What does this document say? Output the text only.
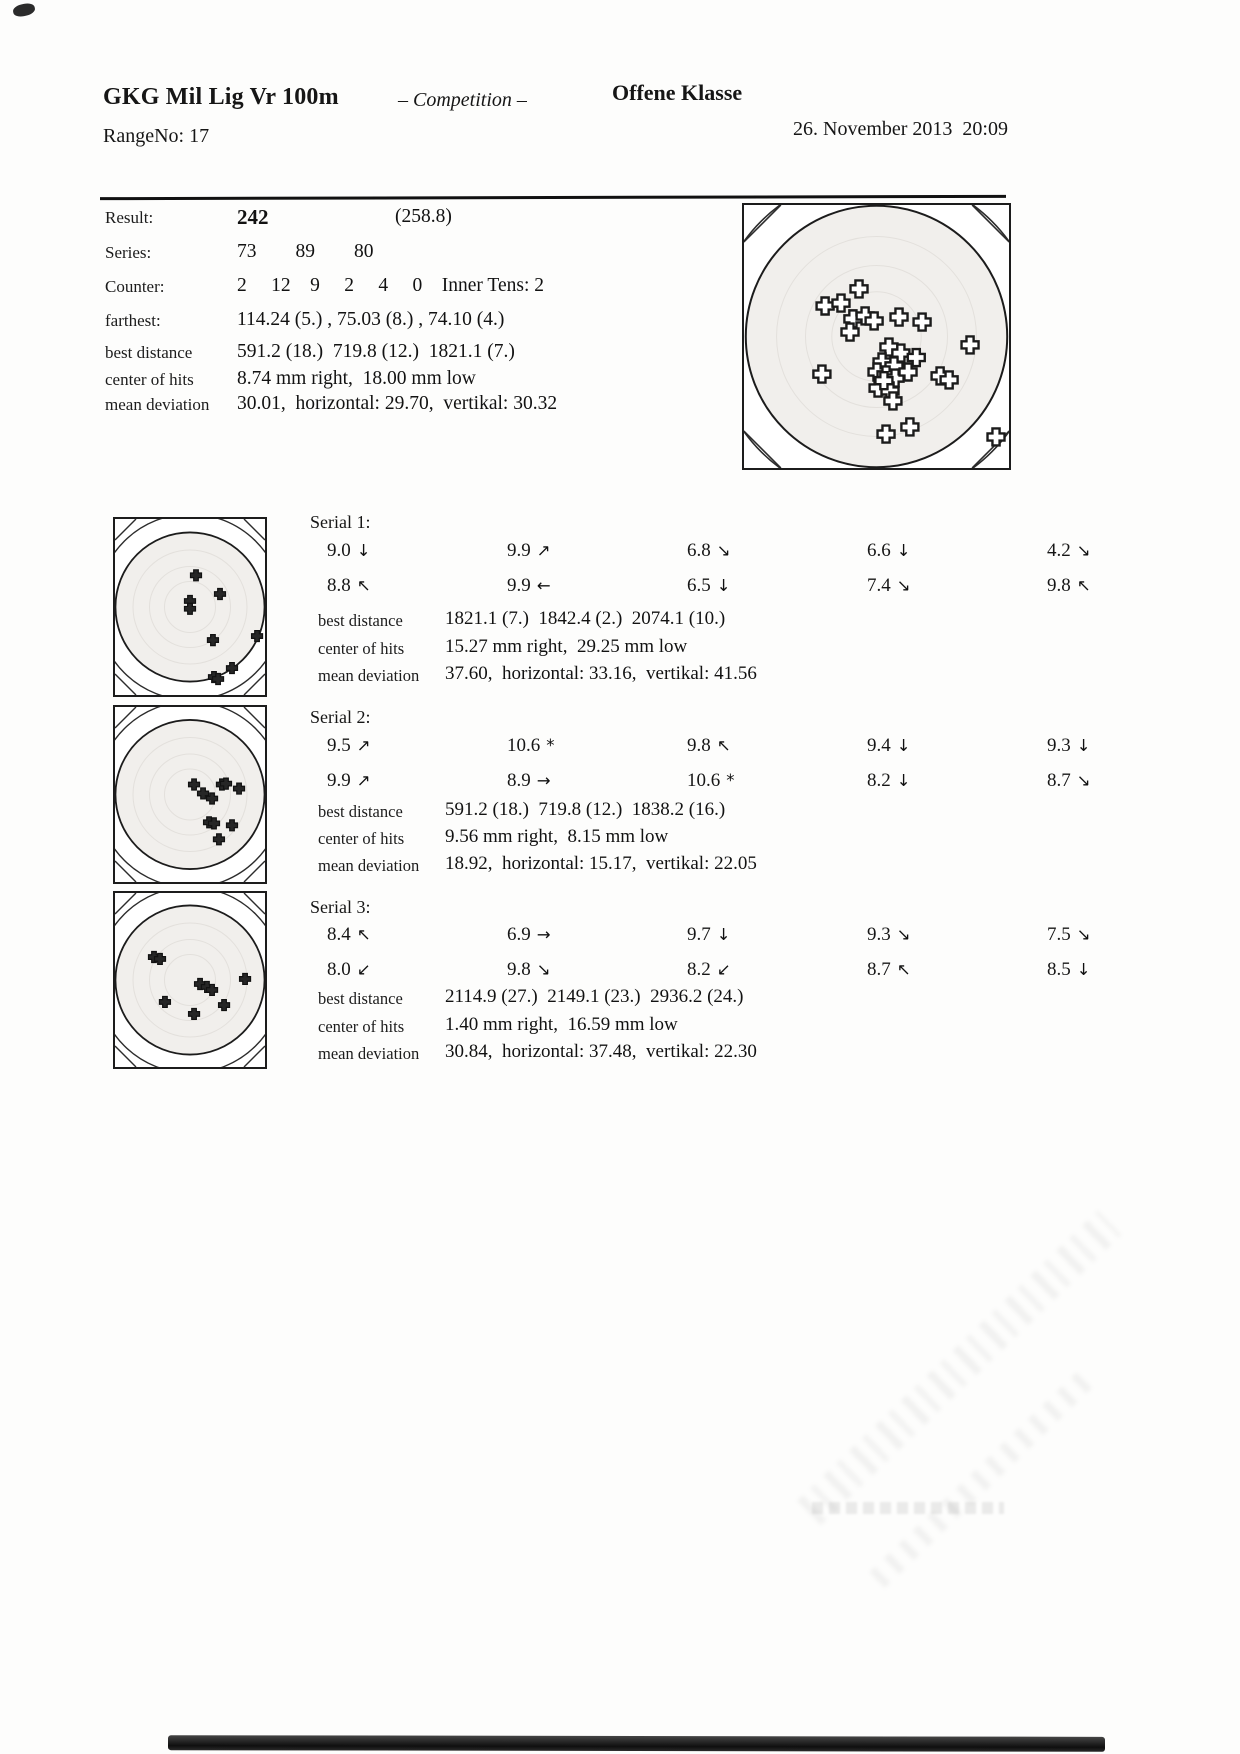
GKG Mil Lig Vr 100m	– Competition –	Offene Klasse
RangeNo: 17	26. November 2013  20:09
Result:	242	(258.8)
Series:	73        89        80
Counter:	2     12    9     2     4     0    Inner Tens: 2
farthest:	114.24 (5.) , 75.03 (8.) , 74.10 (4.)
best distance 591.2 (18.)  719.8 (12.)  1821.1 (7.)
center of hits 8.74 mm right,  18.00 mm low
mean deviation 30.01,  horizontal: 29.70,  vertikal: 30.32
Serial 1:
9.0 ↓	9.9 ↗	6.8 ↘	6.6 ↓	4.2 ↘
8.8 ↖	9.9 ←	6.5 ↓	7.4 ↘	9.8 ↖
best distance 1821.1 (7.)  1842.4 (2.)  2074.1 (10.)
center of hits 15.27 mm right,  29.25 mm low
mean deviation 37.60,  horizontal: 33.16,  vertikal: 41.56
Serial 2:
9.5 ↗	10.6 *	9.8 ↖	9.4 ↓	9.3 ↓
9.9 ↗	8.9 →	10.6 *	8.2 ↓	8.7 ↘
best distance 591.2 (18.)  719.8 (12.)  1838.2 (16.)
center of hits 9.56 mm right,  8.15 mm low
mean deviation 18.92,  horizontal: 15.17,  vertikal: 22.05
Serial 3:
8.4 ↖	6.9 →	9.7 ↓	9.3 ↘	7.5 ↘
8.0 ↙	9.8 ↘	8.2 ↙	8.7 ↖	8.5 ↓
best distance 2114.9 (27.)  2149.1 (23.)  2936.2 (24.)
center of hits 1.40 mm right,  16.59 mm low
mean deviation 30.84,  horizontal: 37.48,  vertikal: 22.30
